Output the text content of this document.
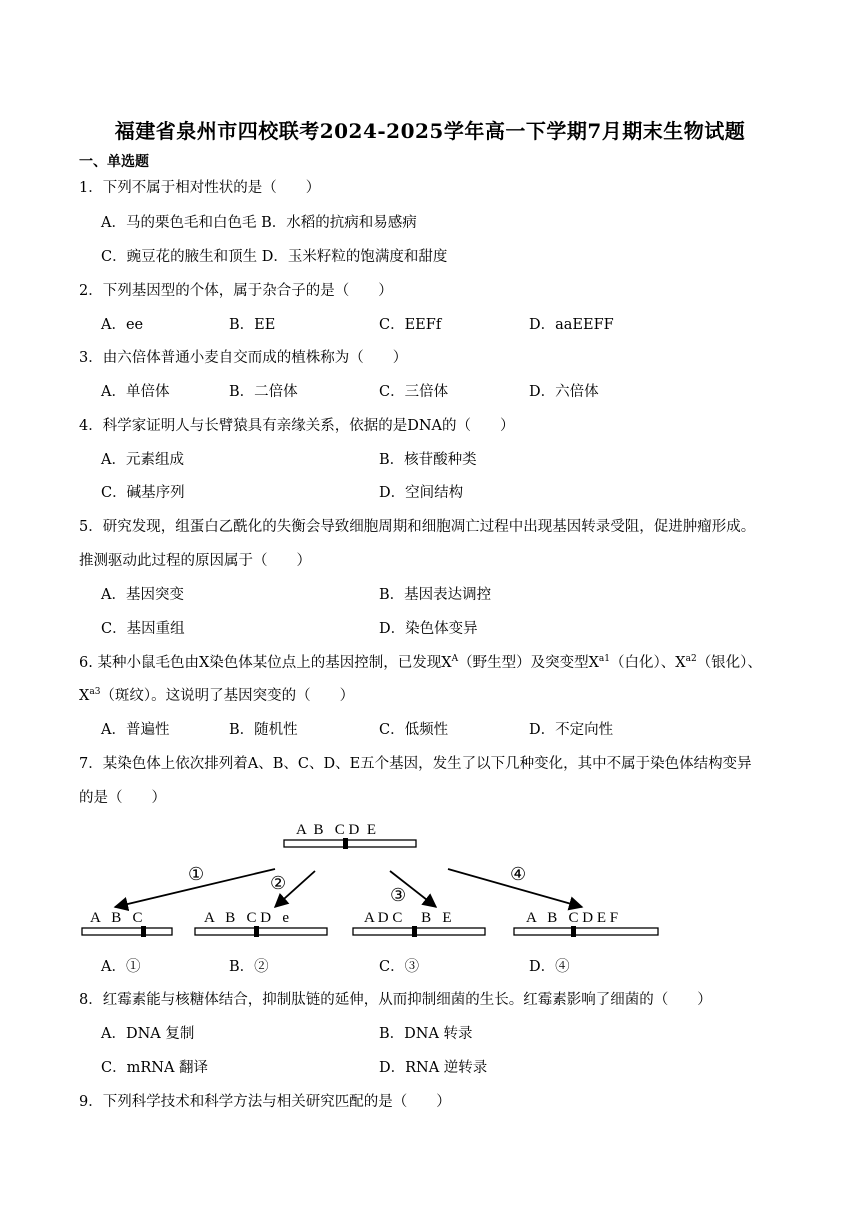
福建省泉州市四校联考2024-2025学年高一下学期7月期末生物试题
一、单选题
1．下列不属于相对性状的是（　　）
A．马的栗色毛和白色毛 B．水稻的抗病和易感病
C．豌豆花的腋生和顶生 D．玉米籽粒的饱满度和甜度
2．下列基因型的个体，属于杂合子的是（　　）
A．ee	B．EE	C．EEFf	D．aaEEFF
3．由六倍体普通小麦自交而成的植株称为（　　）
A．单倍体	B．二倍体	C．三倍体	D．六倍体
4．科学家证明人与长臂猿具有亲缘关系，依据的是DNA的（　　）
A．元素组成	B．核苷酸种类
C．碱基序列	D．空间结构
5．研究发现，组蛋白乙酰化的失衡会导致细胞周期和细胞凋亡过程中出现基因转录受阻，促进肿瘤形成。
推测驱动此过程的原因属于（　　）
A．基因突变	B．基因表达调控
C．基因重组	D．染色体变异
6. 某种小鼠毛色由X染色体某位点上的基因控制，已发现$X^A$（野生型）及突变型$X^{a1}$（白化）、$X^{a2}$（银化）、
$X^{a3}$（斑纹）。这说明了基因突变的（　　）
A．普遍性	B．随机性	C．低频性	D．不定向性
7．某染色体上依次排列着A、B、C、D、E五个基因，发生了以下几种变化，其中不属于染色体结构变异
的是（　　）
A  B   C D  E
①	②
③
④
A   B   C	A   B   C D   e	A D C     B   E	A   B   C D E F
A．①	B．②	C．③	D．④
8．红霉素能与核糖体结合，抑制肽链的延伸，从而抑制细菌的生长。红霉素影响了细菌的（　　）
A．DNA 复制	B．DNA 转录
C．mRNA 翻译	D．RNA 逆转录
9．下列科学技术和科学方法与相关研究匹配的是（　　）
